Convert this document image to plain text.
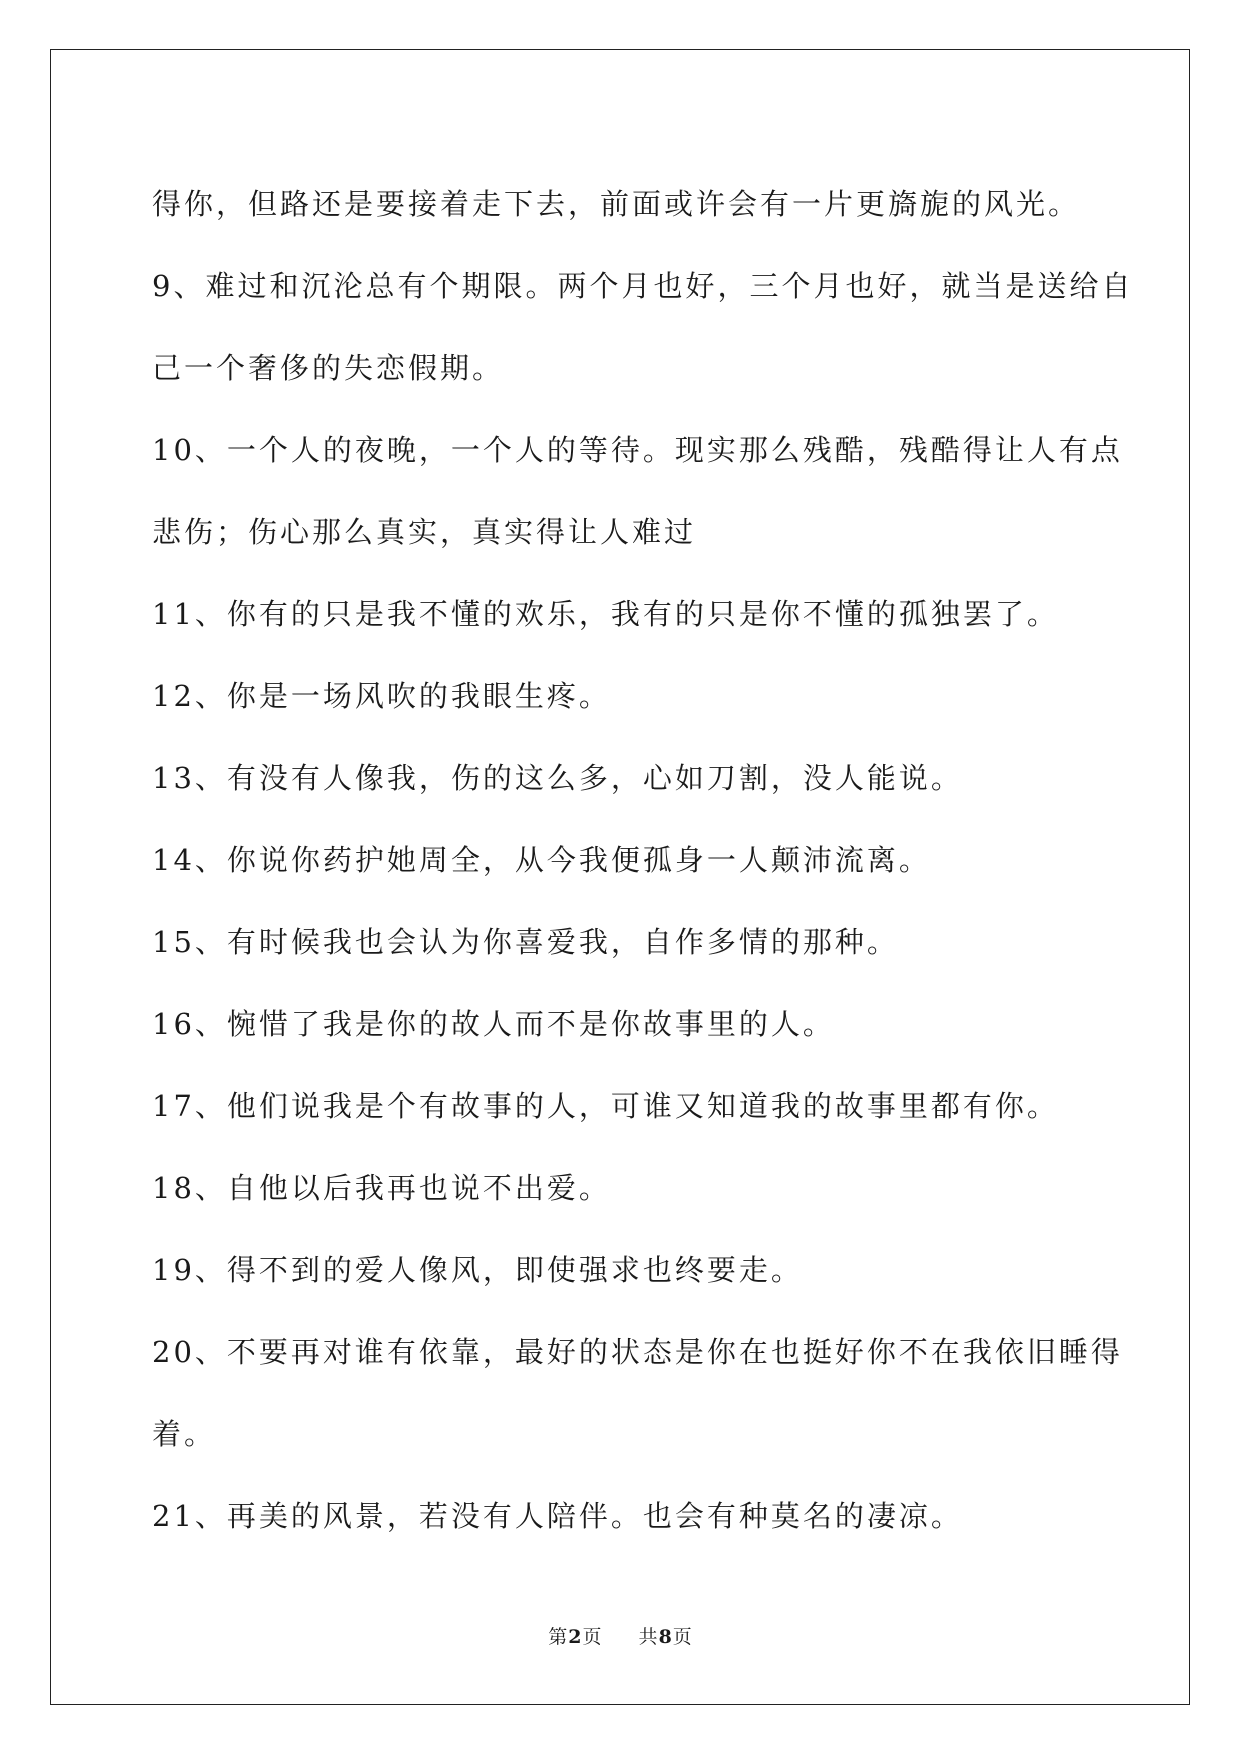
得你，但路还是要接着走下去，前面或许会有一片更旖旎的风光。
9、难过和沉沦总有个期限。两个月也好，三个月也好，就当是送给自
己一个奢侈的失恋假期。
10、一个人的夜晚，一个人的等待。现实那么残酷，残酷得让人有点
悲伤；伤心那么真实，真实得让人难过
11、你有的只是我不懂的欢乐，我有的只是你不懂的孤独罢了。
12、你是一场风吹的我眼生疼。
13、有没有人像我，伤的这么多，心如刀割，没人能说。
14、你说你药护她周全，从今我便孤身一人颠沛流离。
15、有时候我也会认为你喜爱我，自作多情的那种。
16、惋惜了我是你的故人而不是你故事里的人。
17、他们说我是个有故事的人，可谁又知道我的故事里都有你。
18、自他以后我再也说不出爱。
19、得不到的爱人像风，即使强求也终要走。
20、不要再对谁有依靠，最好的状态是你在也挺好你不在我依旧睡得
着。
21、再美的风景，若没有人陪伴。也会有种莫名的凄凉。
第2页 共8页
